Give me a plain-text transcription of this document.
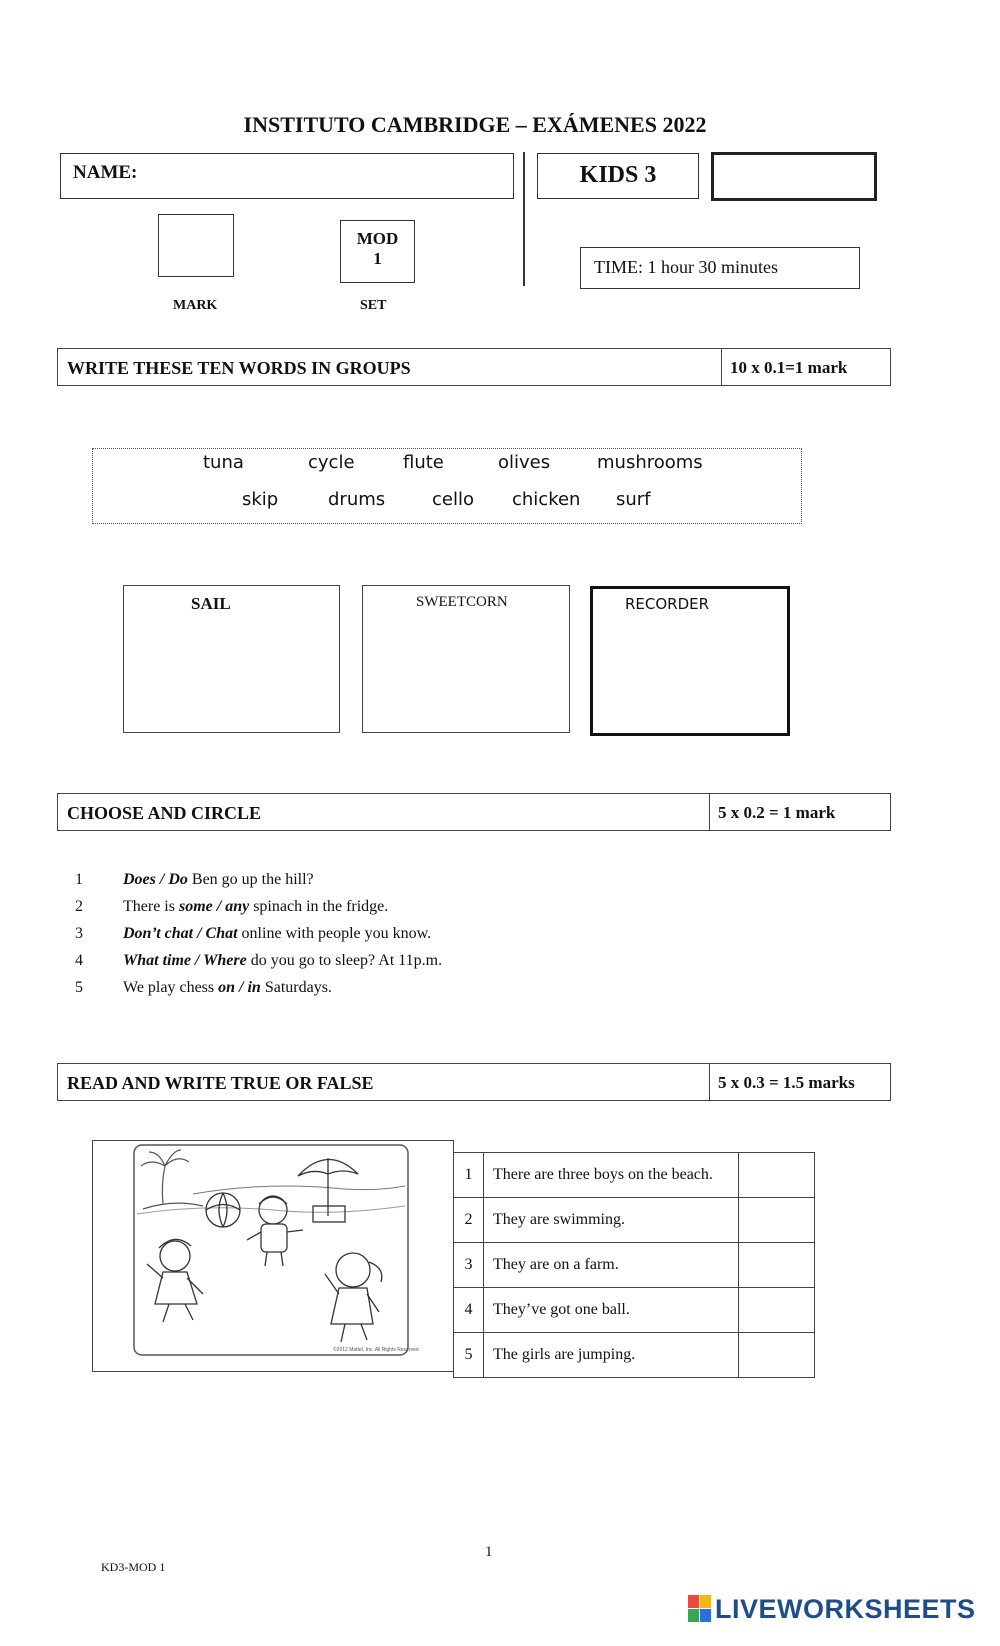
INSTITUTO CAMBRIDGE – EXÁMENES 2022
NAME:	KIDS 3
MARK
MOD
1
SET
TIME: 1 hour 30 minutes
WRITE THESE TEN WORDS IN GROUPS	10 x 0.1=1 mark
tuna	cycle	flute	olives	mushrooms
skip	drums	cello chicken surf
SAIL	SWEETCORN	RECORDER
CHOOSE AND CIRCLE	5 x 0.2 = 1 mark
1	Does / Do Ben go up the hill?
2	There is some / any spinach in the fridge.
3	Don’t chat / Chat online with people you know.
4	What time / Where do you go to sleep? At 11p.m.
5	We play chess on / in Saturdays.
READ AND WRITE TRUE OR FALSE	5 x 0.3 = 1.5 marks
©2012 Mattel, Inc. All Rights Reserved
1	There are three boys on the beach.	
2	They are swimming.	
3	They are on a farm.	
4	They’ve got one ball.	
5	The girls are jumping.	
1
KD3-MOD 1
LIVEWORKSHEETS
